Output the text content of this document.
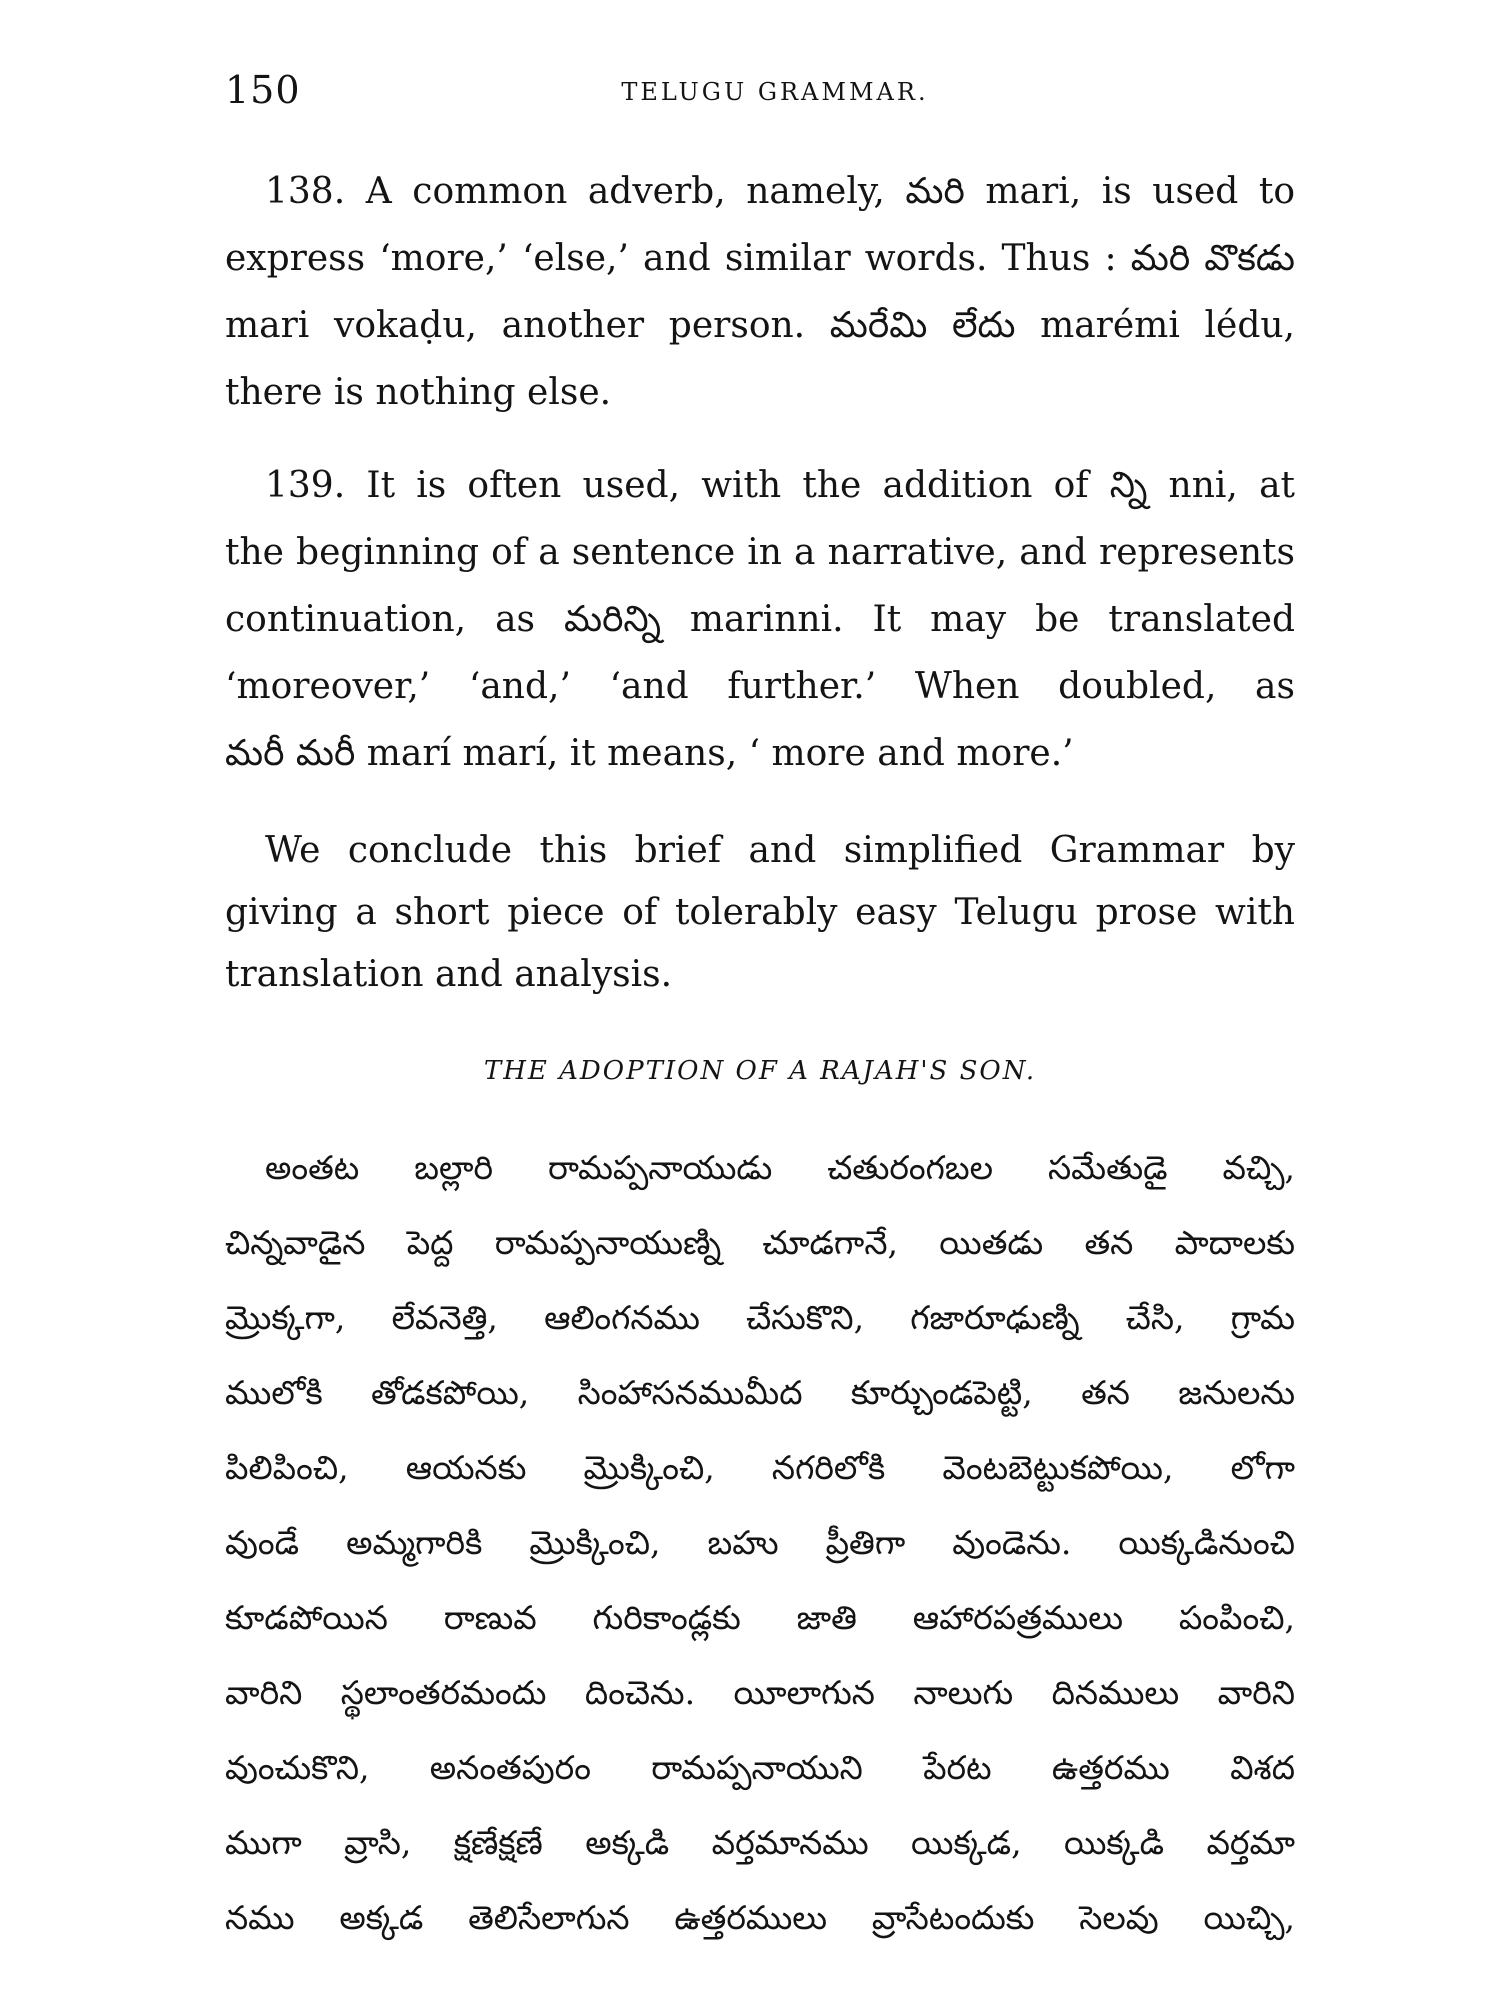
150	TELUGU GRAMMAR.
138. A common adverb, namely, మరి mari, is used to
express ‘more,’ ‘else,’ and similar words. Thus : మరి వొకడు
mari vokaḍu, another person. మరేమి లేదు marémi lédu,
there is nothing else.
139. It is often used, with the addition of న్ని nni, at
the beginning of a sentence in a narrative, and represents
continuation, as మరిన్ని marinni. It may be translated
‘moreover,’ ‘and,’ ‘and further.’ When doubled, as
మరీ మరీ marí marí, it means, ‘ more and more.’
We conclude this brief and simplified Grammar by
giving a short piece of tolerably easy Telugu prose with
translation and analysis.
THE ADOPTION OF A RAJAH'S SON.
అంతట బల్లారి రామప్పనాయుడు చతురంగబల సమేతుడై వచ్చి,
చిన్నవాడైన పెద్ద రామప్పనాయుణ్ని చూడగానే, యితడు తన పాదాలకు
మ్రొక్కగా, లేవనెత్తి, ఆలింగనము చేసుకొని, గజారూఢుణ్ని చేసి, గ్రామ
ములోకి తోడకపోయి, సింహాసనముమీద కూర్చుండపెట్టి, తన జనులను
పిలిపించి, ఆయనకు మ్రొక్కించి, నగరిలోకి వెంటబెట్టుకపోయి, లోగా
వుండే అమ్మగారికి మ్రొక్కించి, బహు ప్రీతిగా వుండెను. యిక్కడినుంచి
కూడపోయిన రాణువ గురికాండ్లకు జాతి ఆహారపత్రములు పంపించి,
వారిని స్థలాంతరమందు దించెను. యీలాగున నాలుగు దినములు వారిని
వుంచుకొని, అనంతపురం రామప్పనాయుని పేరట ఉత్తరము విశద
ముగా వ్రాసి, క్షణేక్షణే అక్కడి వర్తమానము యిక్కడ, యిక్కడి వర్తమా
నము అక్కడ తెలిసేలాగున ఉత్తరములు వ్రాసేటందుకు సెలవు యిచ్చి,
